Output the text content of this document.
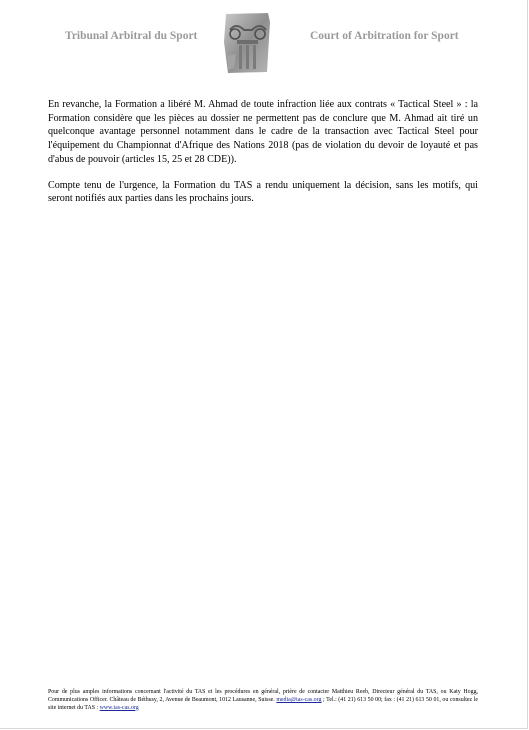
Tribunal Arbitral du Sport	Court of Arbitration for Sport

En revanche, la Formation a libéré M. Ahmad de toute infraction liée aux contrats « Tactical Steel » : la Formation considère que les pièces au dossier ne permettent pas de conclure que M. Ahmad ait tiré un quelconque avantage personnel notamment dans le cadre de la transaction avec Tactical Steel pour l'équipement du Championnat d'Afrique des Nations 2018 (pas de violation du devoir de loyauté et pas d'abus de pouvoir (articles 15, 25 et 28 CDE)).

Compte tenu de l'urgence, la Formation du TAS a rendu uniquement la décision, sans les motifs, qui seront notifiés aux parties dans les prochains jours.

Pour de plus amples informations concernant l'activité du TAS et les procédures en général, prière de contacter Matthieu Reeb, Directeur général du TAS, ou Katy Hogg, Communications Officer. Château de Béthusy, 2, Avenue de Beaumont, 1012 Lausanne, Suisse. media@tas-cas.org ; Tel.: (41 21) 613 50 00; fax : (41 21) 613 50 01, ou consultez le site internet du TAS : www.tas-cas.org
